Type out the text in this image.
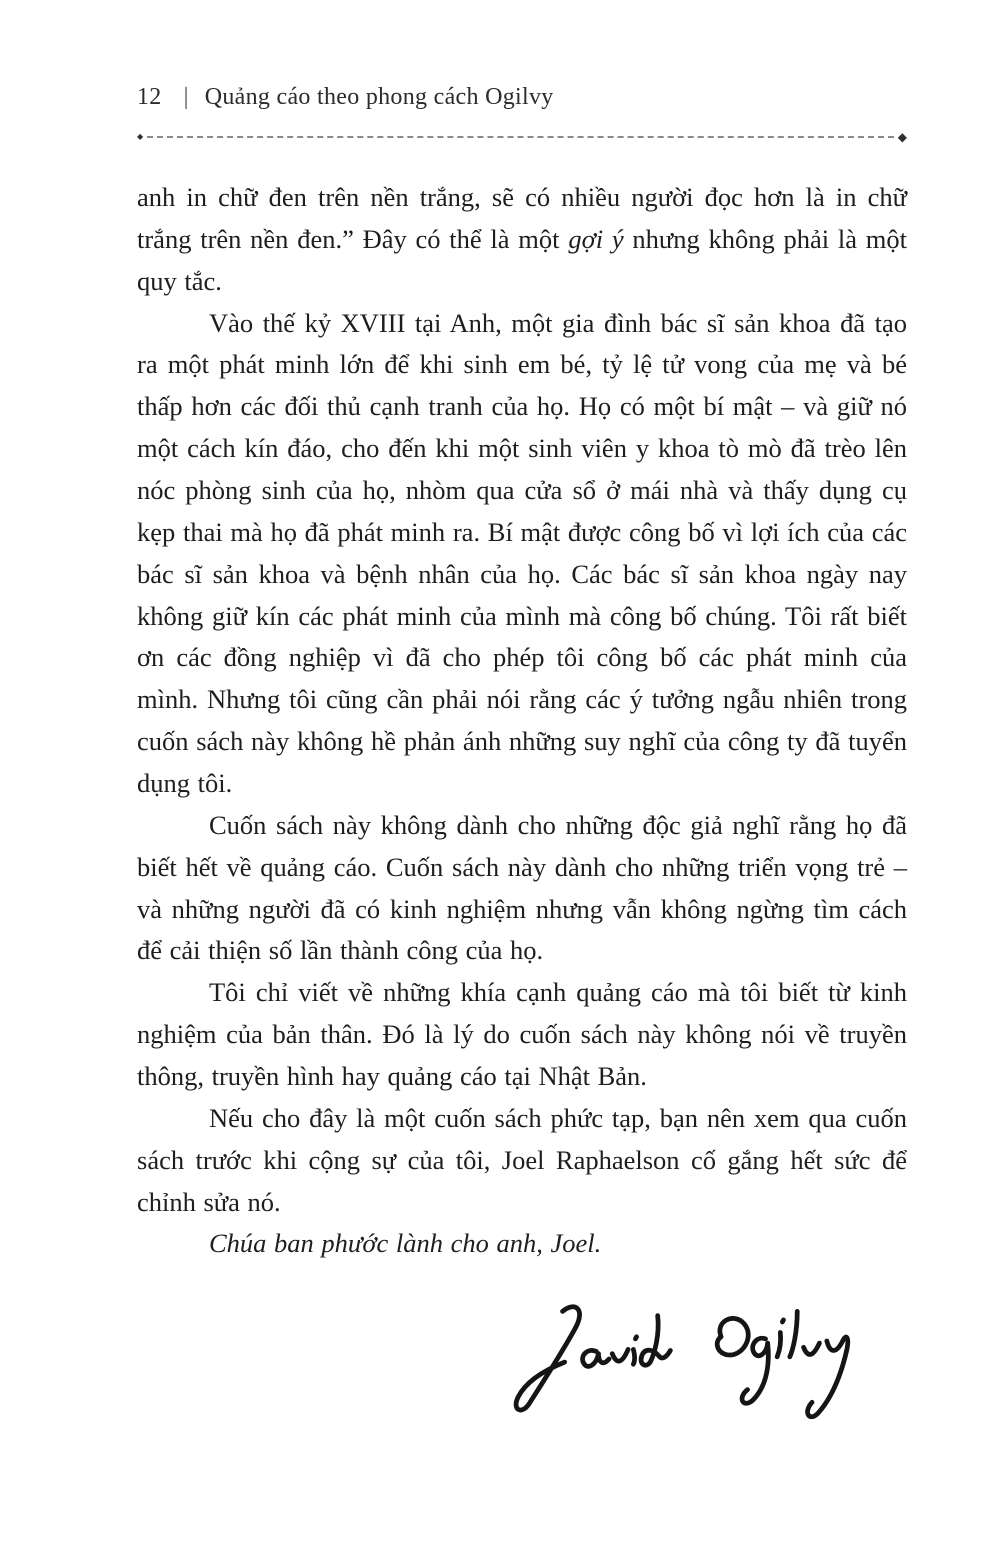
12 | Quảng cáo theo phong cách Ogilvy
◆	◆

anh in chữ đen trên nền trắng, sẽ có nhiều người đọc hơn là in chữ trắng trên nền đen.” Đây có thể là một gợi ý nhưng không phải là một quy tắc.

Vào thế kỷ XVIII tại Anh, một gia đình bác sĩ sản khoa đã tạo ra một phát minh lớn để khi sinh em bé, tỷ lệ tử vong của mẹ và bé thấp hơn các đối thủ cạnh tranh của họ. Họ có một bí mật – và giữ nó một cách kín đáo, cho đến khi một sinh viên y khoa tò mò đã trèo lên nóc phòng sinh của họ, nhòm qua cửa sổ ở mái nhà và thấy dụng cụ kẹp thai mà họ đã phát minh ra. Bí mật được công bố vì lợi ích của các bác sĩ sản khoa và bệnh nhân của họ. Các bác sĩ sản khoa ngày nay không giữ kín các phát minh của mình mà công bố chúng. Tôi rất biết ơn các đồng nghiệp vì đã cho phép tôi công bố các phát minh của mình. Nhưng tôi cũng cần phải nói rằng các ý tưởng ngẫu nhiên trong cuốn sách này không hề phản ánh những suy nghĩ của công ty đã tuyển dụng tôi.

Cuốn sách này không dành cho những độc giả nghĩ rằng họ đã biết hết về quảng cáo. Cuốn sách này dành cho những triển vọng trẻ – và những người đã có kinh nghiệm nhưng vẫn không ngừng tìm cách để cải thiện số lần thành công của họ.

Tôi chỉ viết về những khía cạnh quảng cáo mà tôi biết từ kinh nghiệm của bản thân. Đó là lý do cuốn sách này không nói về truyền thông, truyền hình hay quảng cáo tại Nhật Bản.

Nếu cho đây là một cuốn sách phức tạp, bạn nên xem qua cuốn sách trước khi cộng sự của tôi, Joel Raphaelson cố gắng hết sức để chỉnh sửa nó.

Chúa ban phước lành cho anh, Joel.
